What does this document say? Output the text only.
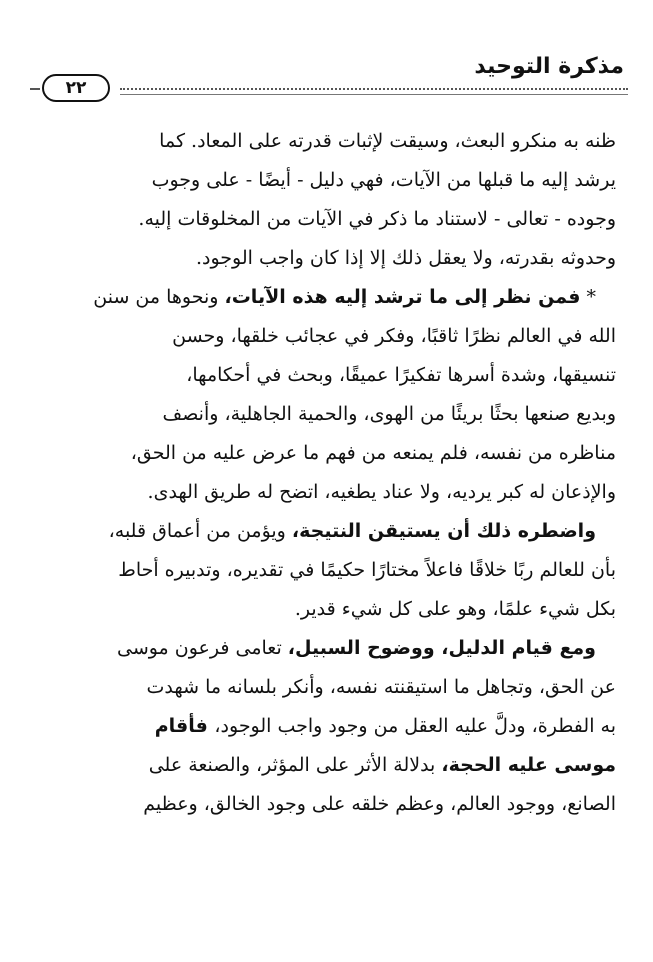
مذكرة التوحيد
٢٢
ظنه به منكرو البعث، وسيقت لإثبات قدرته على المعاد. كما
يرشد إليه ما قبلها من الآيات، فهي دليل - أيضًا - على وجوب
وجوده - تعالى - لاستناد ما ذكر في الآيات من المخلوقات إليه.
وحدوثه بقدرته، ولا يعقل ذلك إلا إذا كان واجب الوجود.
* فمن نظر إلى ما ترشد إليه هذه الآيات، ونحوها من سنن
الله في العالم نظرًا ثاقبًا، وفكر في عجائب خلقها، وحسن
تنسيقها، وشدة أسرها تفكيرًا عميقًا، وبحث في أحكامها،
وبديع صنعها بحثًا بريئًا من الهوى، والحمية الجاهلية، وأنصف
مناظره من نفسه، فلم يمنعه من فهم ما عرض عليه من الحق،
والإذعان له كبر يرديه، ولا عناد يطغيه، اتضح له طريق الهدى.
واضطره ذلك أن يستيقن النتيجة، ويؤمن من أعماق قلبه،
بأن للعالم ربًا خلاقًا فاعلاً مختارًا حكيمًا في تقديره، وتدبيره أحاط
بكل شيء علمًا، وهو على كل شيء قدير.
ومع قيام الدليل، ووضوح السبيل، تعامى فرعون موسى
عن الحق، وتجاهل ما استيقنته نفسه، وأنكر بلسانه ما شهدت
به الفطرة، ودلَّ عليه العقل من وجود واجب الوجود، فأقام
موسى عليه الحجة، بدلالة الأثر على المؤثر، والصنعة على
الصانع، ووجود العالم، وعظم خلقه على وجود الخالق، وعظيم
